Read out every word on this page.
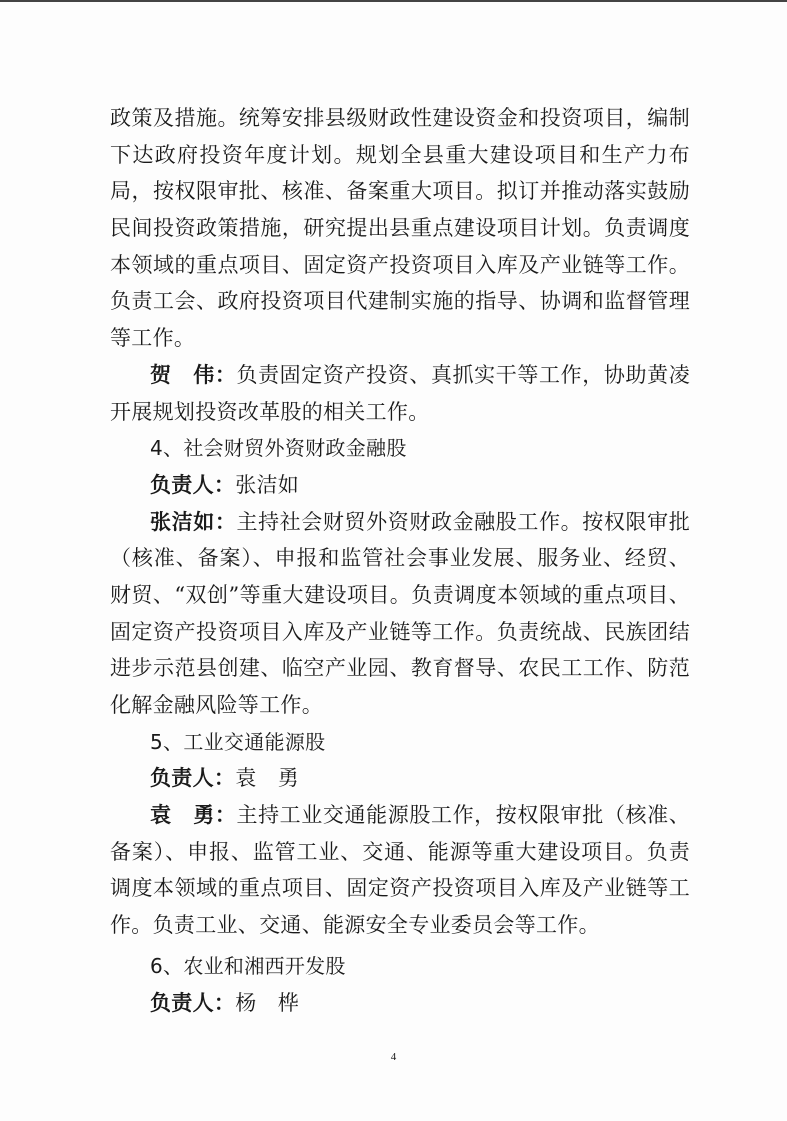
政策及措施。统筹安排县级财政性建设资金和投资项目，编制
下达政府投资年度计划。规划全县重大建设项目和生产力布
局，按权限审批、核准、备案重大项目。拟订并推动落实鼓励
民间投资政策措施，研究提出县重点建设项目计划。负责调度
本领域的重点项目、固定资产投资项目入库及产业链等工作。
负责工会、政府投资项目代建制实施的指导、协调和监督管理
等工作。
贺　伟：负责固定资产投资、真抓实干等工作，协助黄凌
开展规划投资改革股的相关工作。
4、社会财贸外资财政金融股
负责人：张洁如
张洁如：主持社会财贸外资财政金融股工作。按权限审批
（核准、备案）、申报和监管社会事业发展、服务业、经贸、
财贸、“双创”等重大建设项目。负责调度本领域的重点项目、
固定资产投资项目入库及产业链等工作。负责统战、民族团结
进步示范县创建、临空产业园、教育督导、农民工工作、防范
化解金融风险等工作。
5、工业交通能源股
负责人：袁　勇
袁　勇：主持工业交通能源股工作，按权限审批（核准、
备案）、申报、监管工业、交通、能源等重大建设项目。负责
调度本领域的重点项目、固定资产投资项目入库及产业链等工
作。负责工业、交通、能源安全专业委员会等工作。
6、农业和湘西开发股
负责人：杨　桦
4
